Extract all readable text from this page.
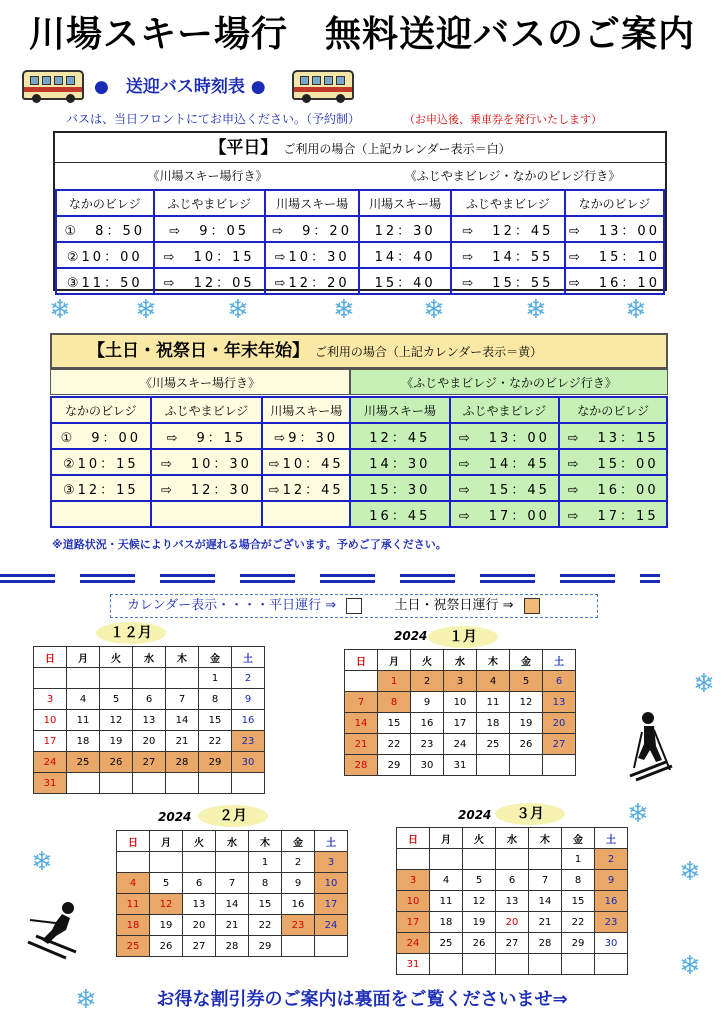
川場スキー場行　無料送迎バスのご案内
●　送迎バス時刻表 ●
バスは、当日フロントにてお申込ください。（予約制）	（お申込後、乗車券を発行いたします）
【平日】 ご利用の場合（上記カレンダー表示＝白）
《川場スキー場行き》	《ふじやまビレジ・なかのビレジ行き》
なかのビレジ	ふじやまビレジ	川場スキー場	川場スキー場	ふじやまビレジ	なかのビレジ
①　8：50	⇨　9：05	⇨　9：20	12：30	⇨　12：45	⇨　13：00
②10：00	⇨　10：15	⇨10：30	14：40	⇨　14：55	⇨　15：10
③11：50	⇨　12：05	⇨12：20	15：40	⇨　15：55	⇨　16：10
❄ ❄	❄	❄	❄	❄	❄
【土日・祝祭日・年末年始】 ご利用の場合（上記カレンダー表示＝黄）
《川場スキー場行き》	《ふじやまビレジ・なかのビレジ行き》
なかのビレジ	ふじやまビレジ	川場スキー場	川場スキー場	ふじやまビレジ	なかのビレジ
①　9：00	⇨　9：15	⇨9：30	12：45	⇨　13：00	⇨　13：15
②10：15	⇨　10：30	⇨10：45	14：30	⇨　14：45	⇨　15：00
③12：15	⇨　12：30	⇨12：45	15：30	⇨　15：45	⇨　16：00
			16：45	⇨　17：00	⇨　17：15
※道路状況・天候によりバスが遅れる場合がございます。予めご了承ください。
カレンダー表示・・・・平日運行 ⇒	土日・祝祭日運行 ⇒
１２月
日	月	火	水	木	金	土
					1	2
3	4	5	6	7	8	9
10	11	12	13	14	15	16
17	18	19	20	21	22	23
24	25	26	27	28	29	30
31						
2024	１月
日	月	火	水	木	金	土
	1	2	3	4	5	6
7	8	9	10	11	12	13
14	15	16	17	18	19	20
21	22	23	24	25	26	27
28	29	30	31			
2024	２月
日	月	火	水	木	金	土
				1	2	3
4	5	6	7	8	9	10
11	12	13	14	15	16	17
18	19	20	21	22	23	24
25	26	27	28	29		
2024	３月
日	月	火	水	木	金	土
					1	2
3	4	5	6	7	8	9
10	11	12	13	14	15	16
17	18	19	20	21	22	23
24	25	26	27	28	29	30
31						
❄
❄
❄
❄
❄
❄	お得な割引券のご案内は裏面をご覧くださいませ⇒
